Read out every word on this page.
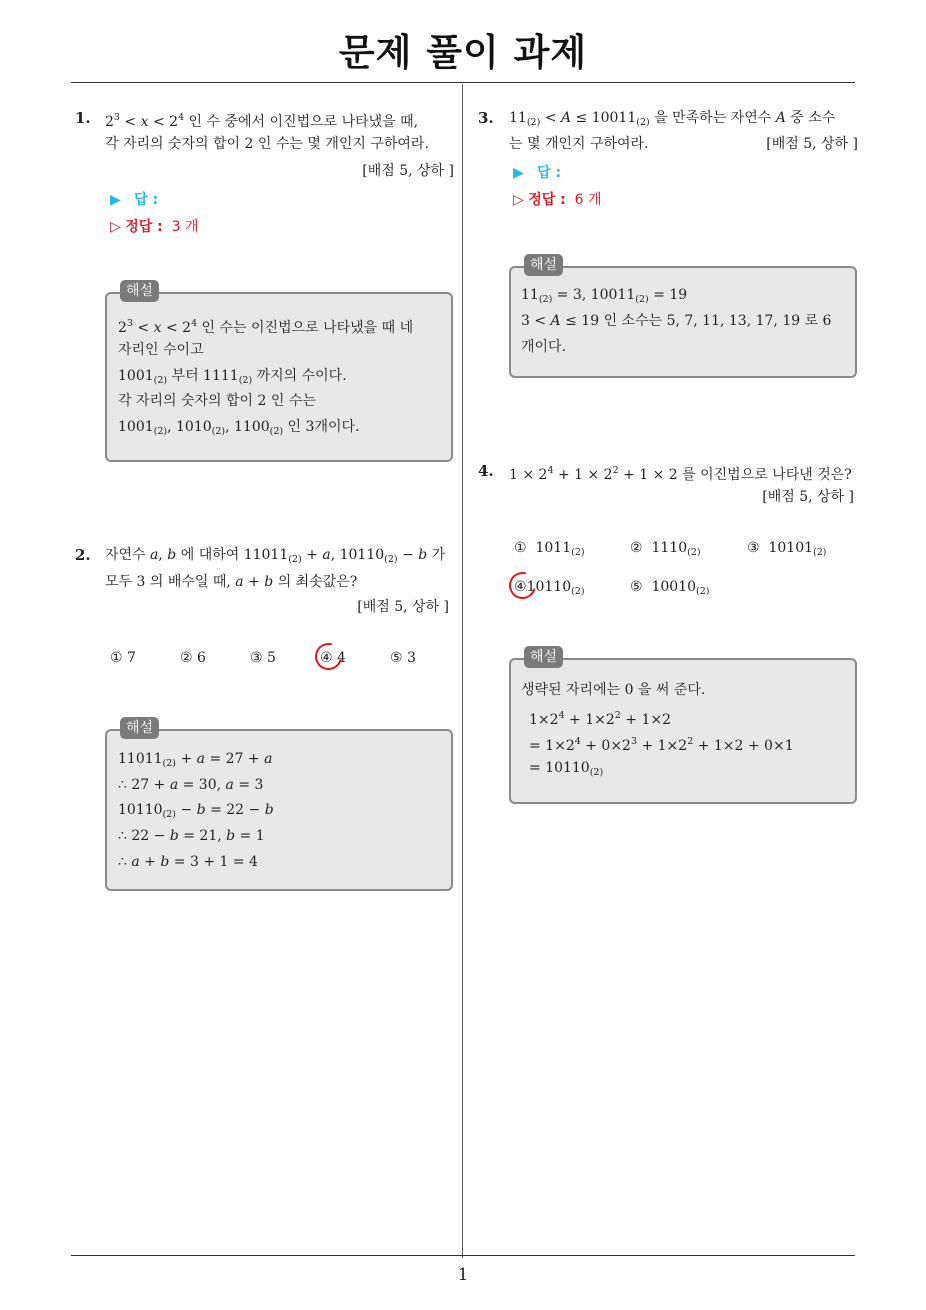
문제 풀이 과제
1
1. $2^3 < x < 2^4$ 인 수 중에서 이진법으로 나타냈을 때,
각 자리의 숫자의 합이 2 인 수는 몇 개인지 구하여라.
[배점 5, 상하 ]
▶ 답 :
▷ 정답 : 3 개
해설
$2^3 < x < 2^4$ 인 수는 이진법으로 나타냈을 때 네
자리인 수이고
$1001_{(2)}$ 부터 $1111_{(2)}$ 까지의 수이다.
각 자리의 숫자의 합이 2 인 수는
$1001_{(2)}$, $1010_{(2)}$, $1100_{(2)}$ 인 3개이다.
2. 자연수 a, b 에 대하여 $11011_{(2)} + a$, $10110_{(2)} - b$ 가
모두 3 의 배수일 때, a + b 의 최솟값은?
[배점 5, 상하 ]
① 7	② 6	③ 5	④ 4	⑤ 3
해설
$11011_{(2)} + a = 27 + a$
∴ 27 + a = 30, a = 3
$10110_{(2)} - b = 22 - b$
∴ 22 − b = 21, b = 1
∴ a + b = 3 + 1 = 4
3. $11_{(2)} < A \le 10011_{(2)}$ 을 만족하는 자연수 A 중 소수
는 몇 개인지 구하여라.	[배점 5, 상하 ]
▶ 답 :
▷ 정답 : 6 개
해설
$11_{(2)} = 3$, $10011_{(2)} = 19$
3 < A ≤ 19 인 소수는 5, 7, 11, 13, 17, 19 로 6
개이다.
4. $1 \times 2^4 + 1 \times 2^2 + 1 \times 2$ 를 이진법으로 나타낸 것은?
[배점 5, 상하 ]
① $1011_{(2)}$	② $1110_{(2)}$	③ $10101_{(2)}$
$④10110_{(2)}$	⑤ $10010_{(2)}$
해설
생략된 자리에는 0 을 써 준다.
$1\times 2^4 + 1\times 2^2 + 1\times 2$
= $1\times 2^4 + 0\times 2^3 + 1\times 2^2 + 1\times 2 + 0\times 1$
= $10110_{(2)}$
